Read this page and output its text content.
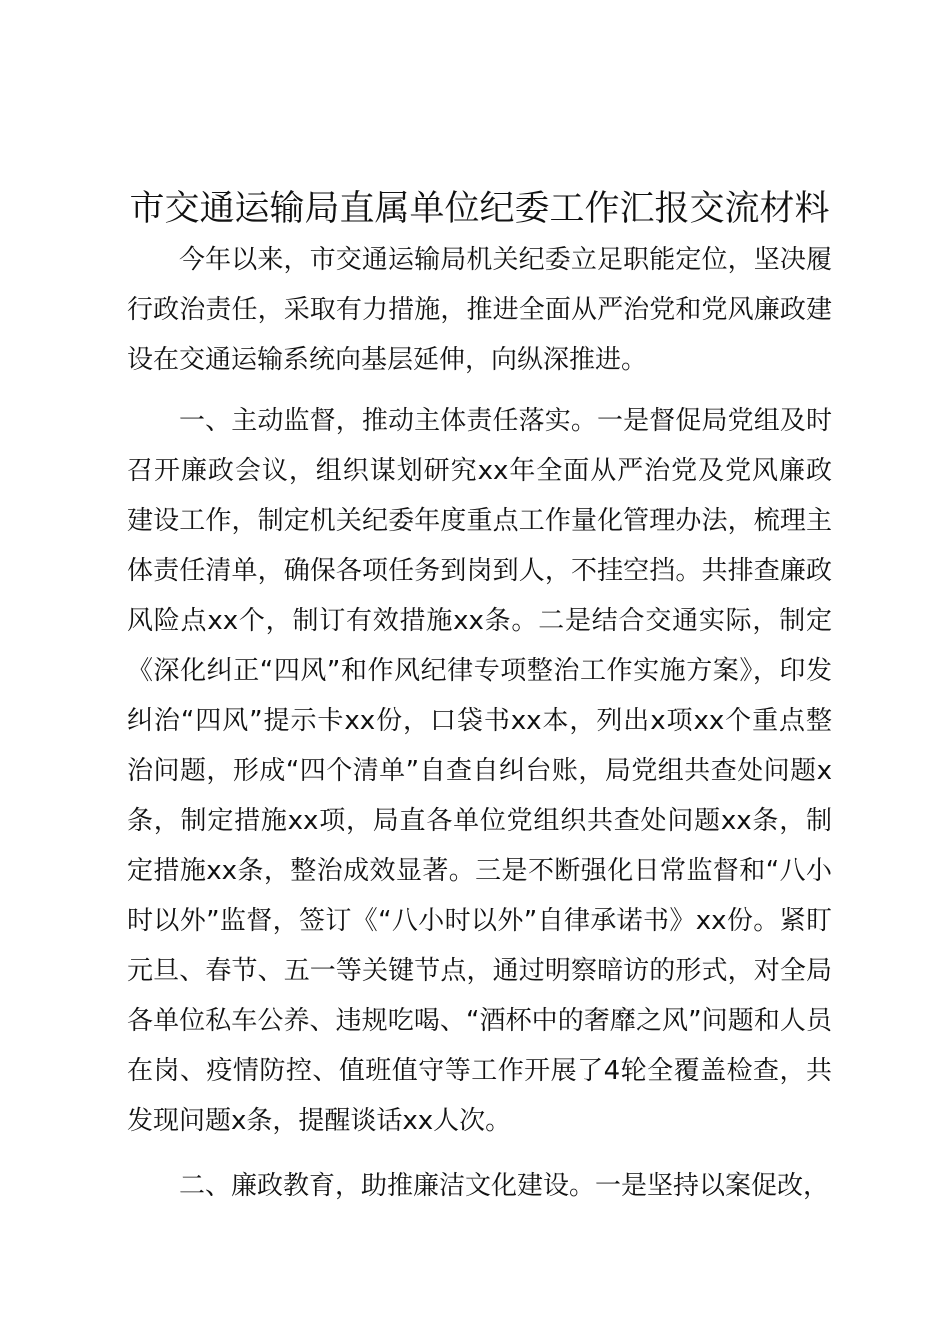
市交通运输局直属单位纪委工作汇报交流材料

今年以来，市交通运输局机关纪委立足职能定位，坚决履行政治责任，采取有力措施，推进全面从严治党和党风廉政建设在交通运输系统向基层延伸，向纵深推进。

一、主动监督，推动主体责任落实。一是督促局党组及时召开廉政会议，组织谋划研究xx年全面从严治党及党风廉政建设工作，制定机关纪委年度重点工作量化管理办法，梳理主体责任清单，确保各项任务到岗到人，不挂空挡。共排查廉政风险点xx个，制订有效措施xx条。二是结合交通实际，制定《深化纠正“四风”和作风纪律专项整治工作实施方案》，印发纠治“四风”提示卡xx份，口袋书xx本，列出x项xx个重点整治问题，形成“四个清单”自查自纠台账，局党组共查处问题x条，制定措施xx项，局直各单位党组织共查处问题xx条，制定措施xx条，整治成效显著。三是不断强化日常监督和“八小时以外”监督，签订《“八小时以外”自律承诺书》xx份。紧盯元旦、春节、五一等关键节点，通过明察暗访的形式，对全局各单位私车公养、违规吃喝、“酒杯中的奢靡之风”问题和人员在岗、疫情防控、值班值守等工作开展了4轮全覆盖检查，共发现问题x条，提醒谈话xx人次。

二、廉政教育，助推廉洁文化建设。一是坚持以案促改，
